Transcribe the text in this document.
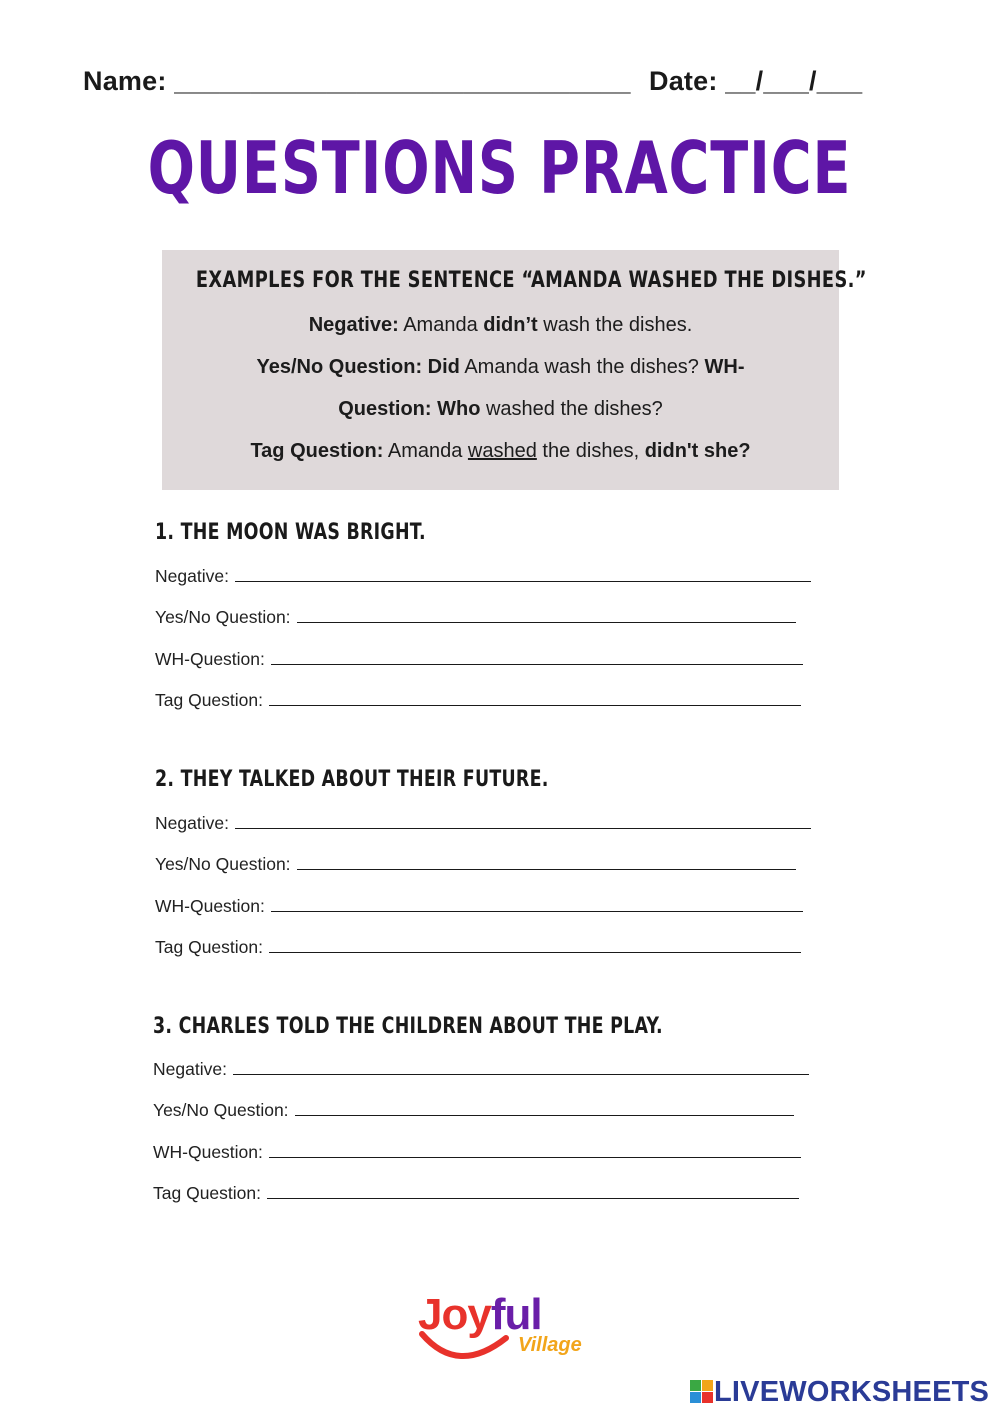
Name: ______________________________ Date: __/___/___
QUESTIONS PRACTICE
EXAMPLES FOR THE SENTENCE “AMANDA WASHED THE DISHES.”
Negative: Amanda didn’t wash the dishes.
Yes/No Question: Did Amanda wash the dishes? WH-
Question: Who washed the dishes?
Tag Question: Amanda washed the dishes, didn't she?
1. THE MOON WAS BRIGHT.
Negative:
Yes/No Question:
WH-Question:
Tag Question:
2. THEY TALKED ABOUT THEIR FUTURE.
Negative:
Yes/No Question:
WH-Question:
Tag Question:
3. CHARLES TOLD THE CHILDREN ABOUT THE PLAY.
Negative:
Yes/No Question:
WH-Question:
Tag Question:
Joyful
Village
LIVEWORKSHEETS
